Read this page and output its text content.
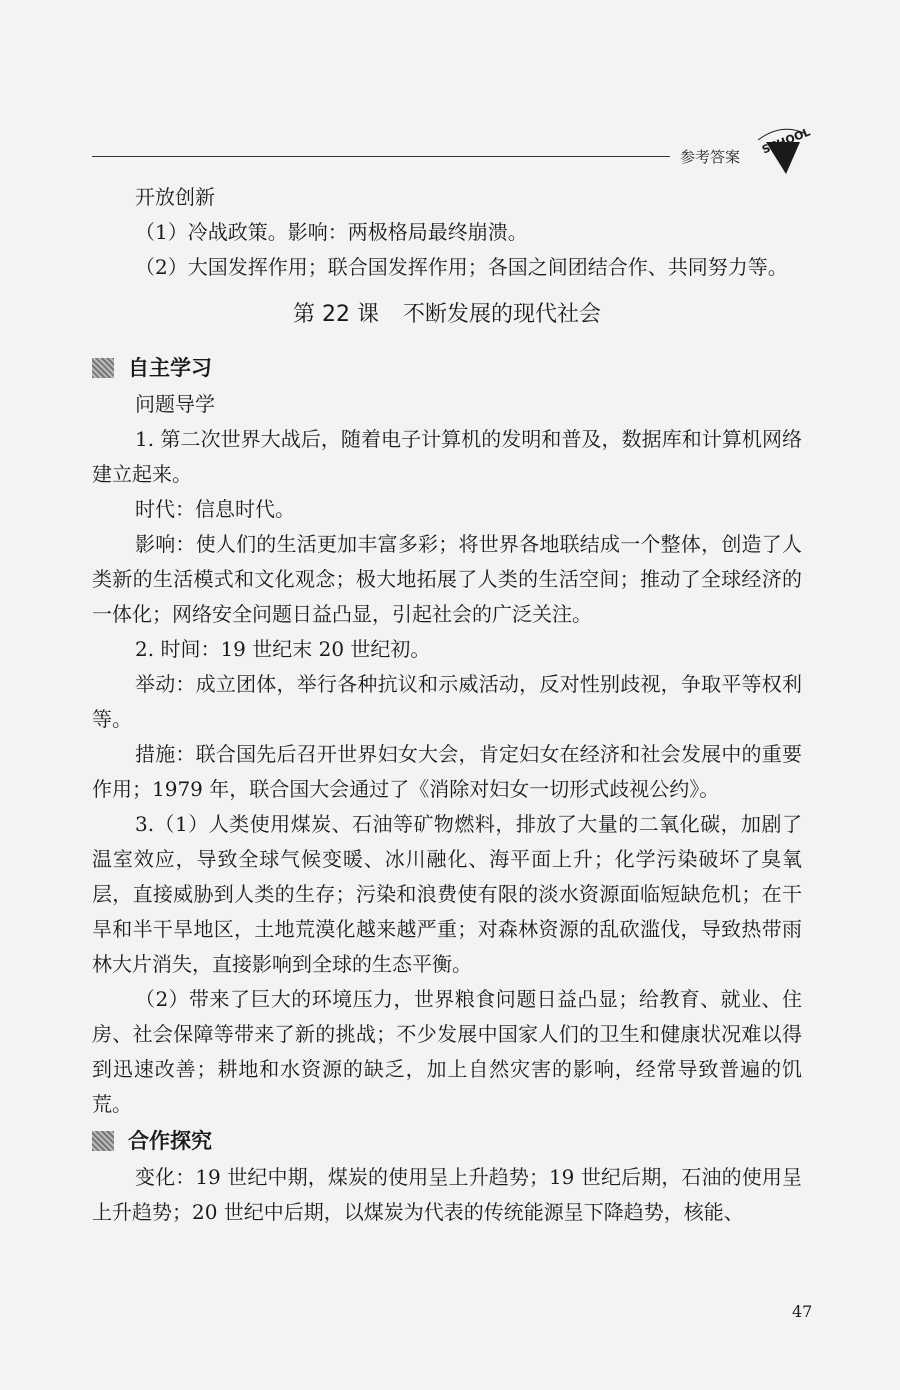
参考答案
SCHOOL
开放创新
（1）冷战政策。影响：两极格局最终崩溃。
（2）大国发挥作用；联合国发挥作用；各国之间团结合作、共同努力等。
第 22 课 不断发展的现代社会
自主学习
问题导学

1. 第二次世界大战后，随着电子计算机的发明和普及，数据库和计算机网络建立起来。

时代：信息时代。

影响：使人们的生活更加丰富多彩；将世界各地联结成一个整体，创造了人类新的生活模式和文化观念；极大地拓展了人类的生活空间；推动了全球经济的一体化；网络安全问题日益凸显，引起社会的广泛关注。

2. 时间：19 世纪末 20 世纪初。

举动：成立团体，举行各种抗议和示威活动，反对性别歧视，争取平等权利等。

措施：联合国先后召开世界妇女大会，肯定妇女在经济和社会发展中的重要作用；1979 年，联合国大会通过了《消除对妇女一切形式歧视公约》。

3.（1）人类使用煤炭、石油等矿物燃料，排放了大量的二氧化碳，加剧了温室效应，导致全球气候变暖、冰川融化、海平面上升；化学污染破坏了臭氧层，直接威胁到人类的生存；污染和浪费使有限的淡水资源面临短缺危机；在干旱和半干旱地区，土地荒漠化越来越严重；对森林资源的乱砍滥伐，导致热带雨林大片消失，直接影响到全球的生态平衡。

（2）带来了巨大的环境压力，世界粮食问题日益凸显；给教育、就业、住房、社会保障等带来了新的挑战；不少发展中国家人们的卫生和健康状况难以得到迅速改善；耕地和水资源的缺乏，加上自然灾害的影响，经常导致普遍的饥荒。

合作探究

变化：19 世纪中期，煤炭的使用呈上升趋势；19 世纪后期，石油的使用呈上升趋势；20 世纪中后期，以煤炭为代表的传统能源呈下降趋势，核能、

47
